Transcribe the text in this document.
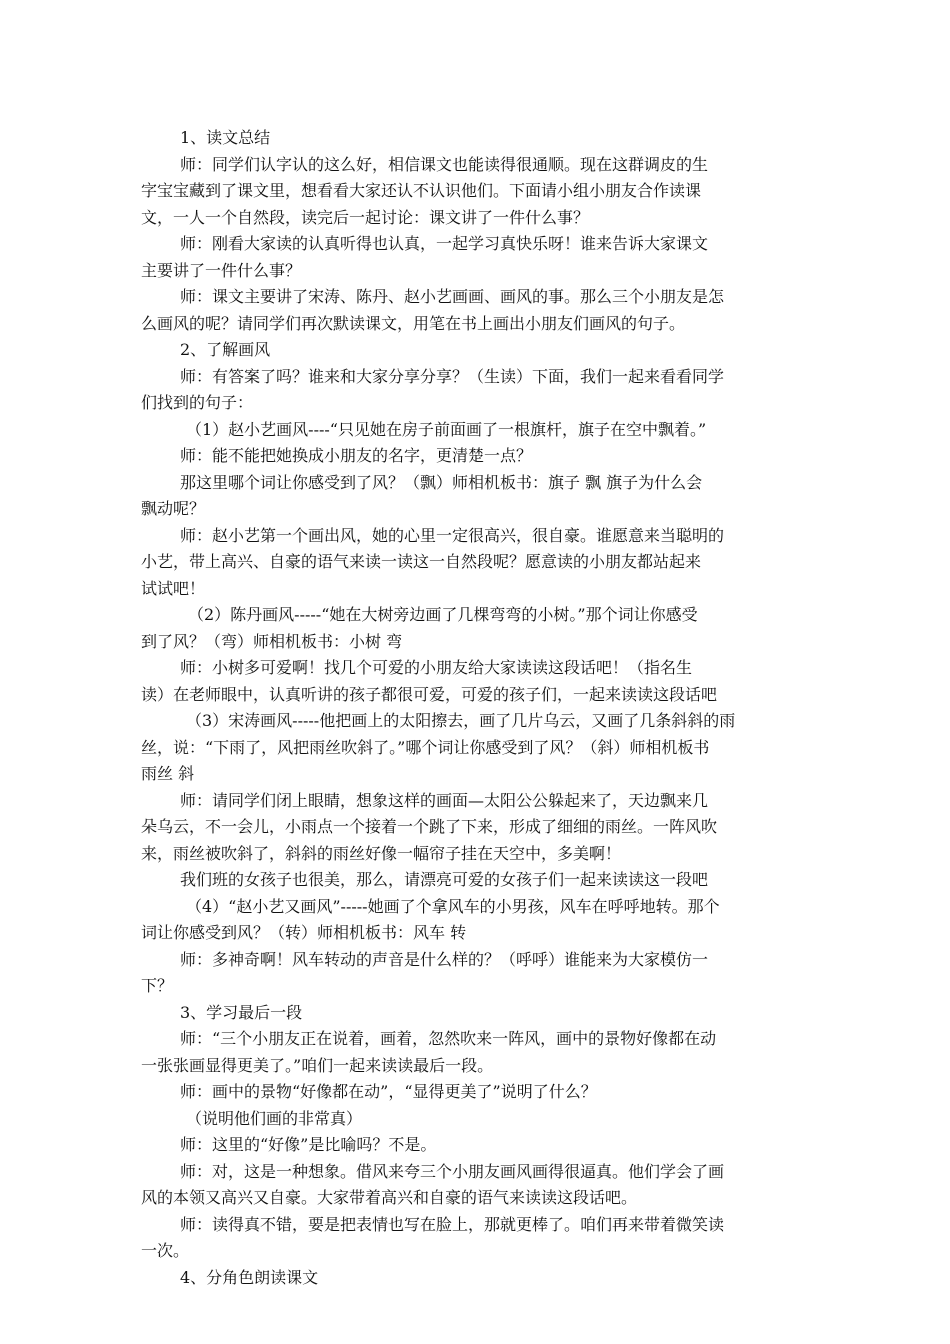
1、读文总结

师：同学们认字认的这么好，相信课文也能读得很通顺。现在这群调皮的生

字宝宝藏到了课文里，想看看大家还认不认识他们。下面请小组小朋友合作读课

文，一人一个自然段，读完后一起讨论：课文讲了一件什么事？

师：刚看大家读的认真听得也认真，一起学习真快乐呀！谁来告诉大家课文

主要讲了一件什么事？

师：课文主要讲了宋涛、陈丹、赵小艺画画、画风的事。那么三个小朋友是怎

么画风的呢？请同学们再次默读课文，用笔在书上画出小朋友们画风的句子。

2、了解画风

师：有答案了吗？谁来和大家分享分享？（生读）下面，我们一起来看看同学

们找到的句子：

（1）赵小艺画风----“只见她在房子前面画了一根旗杆，旗子在空中飘着。”

师：能不能把她换成小朋友的名字，更清楚一点？

那这里哪个词让你感受到了风？（飘）师相机板书：旗子 飘 旗子为什么会

飘动呢？

师：赵小艺第一个画出风，她的心里一定很高兴，很自豪。谁愿意来当聪明的

小艺，带上高兴、自豪的语气来读一读这一自然段呢？愿意读的小朋友都站起来

试试吧！

（2）陈丹画风-----“她在大树旁边画了几棵弯弯的小树。”那个词让你感受

到了风？（弯）师相机板书：小树 弯

师：小树多可爱啊！找几个可爱的小朋友给大家读读这段话吧！（指名生

读）在老师眼中，认真听讲的孩子都很可爱，可爱的孩子们，一起来读读这段话吧

（3）宋涛画风-----他把画上的太阳擦去，画了几片乌云，又画了几条斜斜的雨

丝，说：“下雨了，风把雨丝吹斜了。”哪个词让你感受到了风？（斜）师相机板书

雨丝 斜

师：请同学们闭上眼睛，想象这样的画面—太阳公公躲起来了，天边飘来几

朵乌云，不一会儿，小雨点一个接着一个跳了下来，形成了细细的雨丝。一阵风吹

来，雨丝被吹斜了，斜斜的雨丝好像一幅帘子挂在天空中，多美啊！

我们班的女孩子也很美，那么，请漂亮可爱的女孩子们一起来读读这一段吧

（4）“赵小艺又画风”-----她画了个拿风车的小男孩，风车在呼呼地转。那个

词让你感受到风？（转）师相机板书：风车 转

师：多神奇啊！风车转动的声音是什么样的？（呼呼）谁能来为大家模仿一

下？

3、学习最后一段

师：“三个小朋友正在说着，画着，忽然吹来一阵风，画中的景物好像都在动

一张张画显得更美了。”咱们一起来读读最后一段。

师：画中的景物“好像都在动”，“显得更美了”说明了什么？

（说明他们画的非常真）

师：这里的“好像”是比喻吗？不是。

师：对，这是一种想象。借风来夸三个小朋友画风画得很逼真。他们学会了画

风的本领又高兴又自豪。大家带着高兴和自豪的语气来读读这段话吧。

师：读得真不错，要是把表情也写在脸上，那就更棒了。咱们再来带着微笑读

一次。

4、分角色朗读课文
